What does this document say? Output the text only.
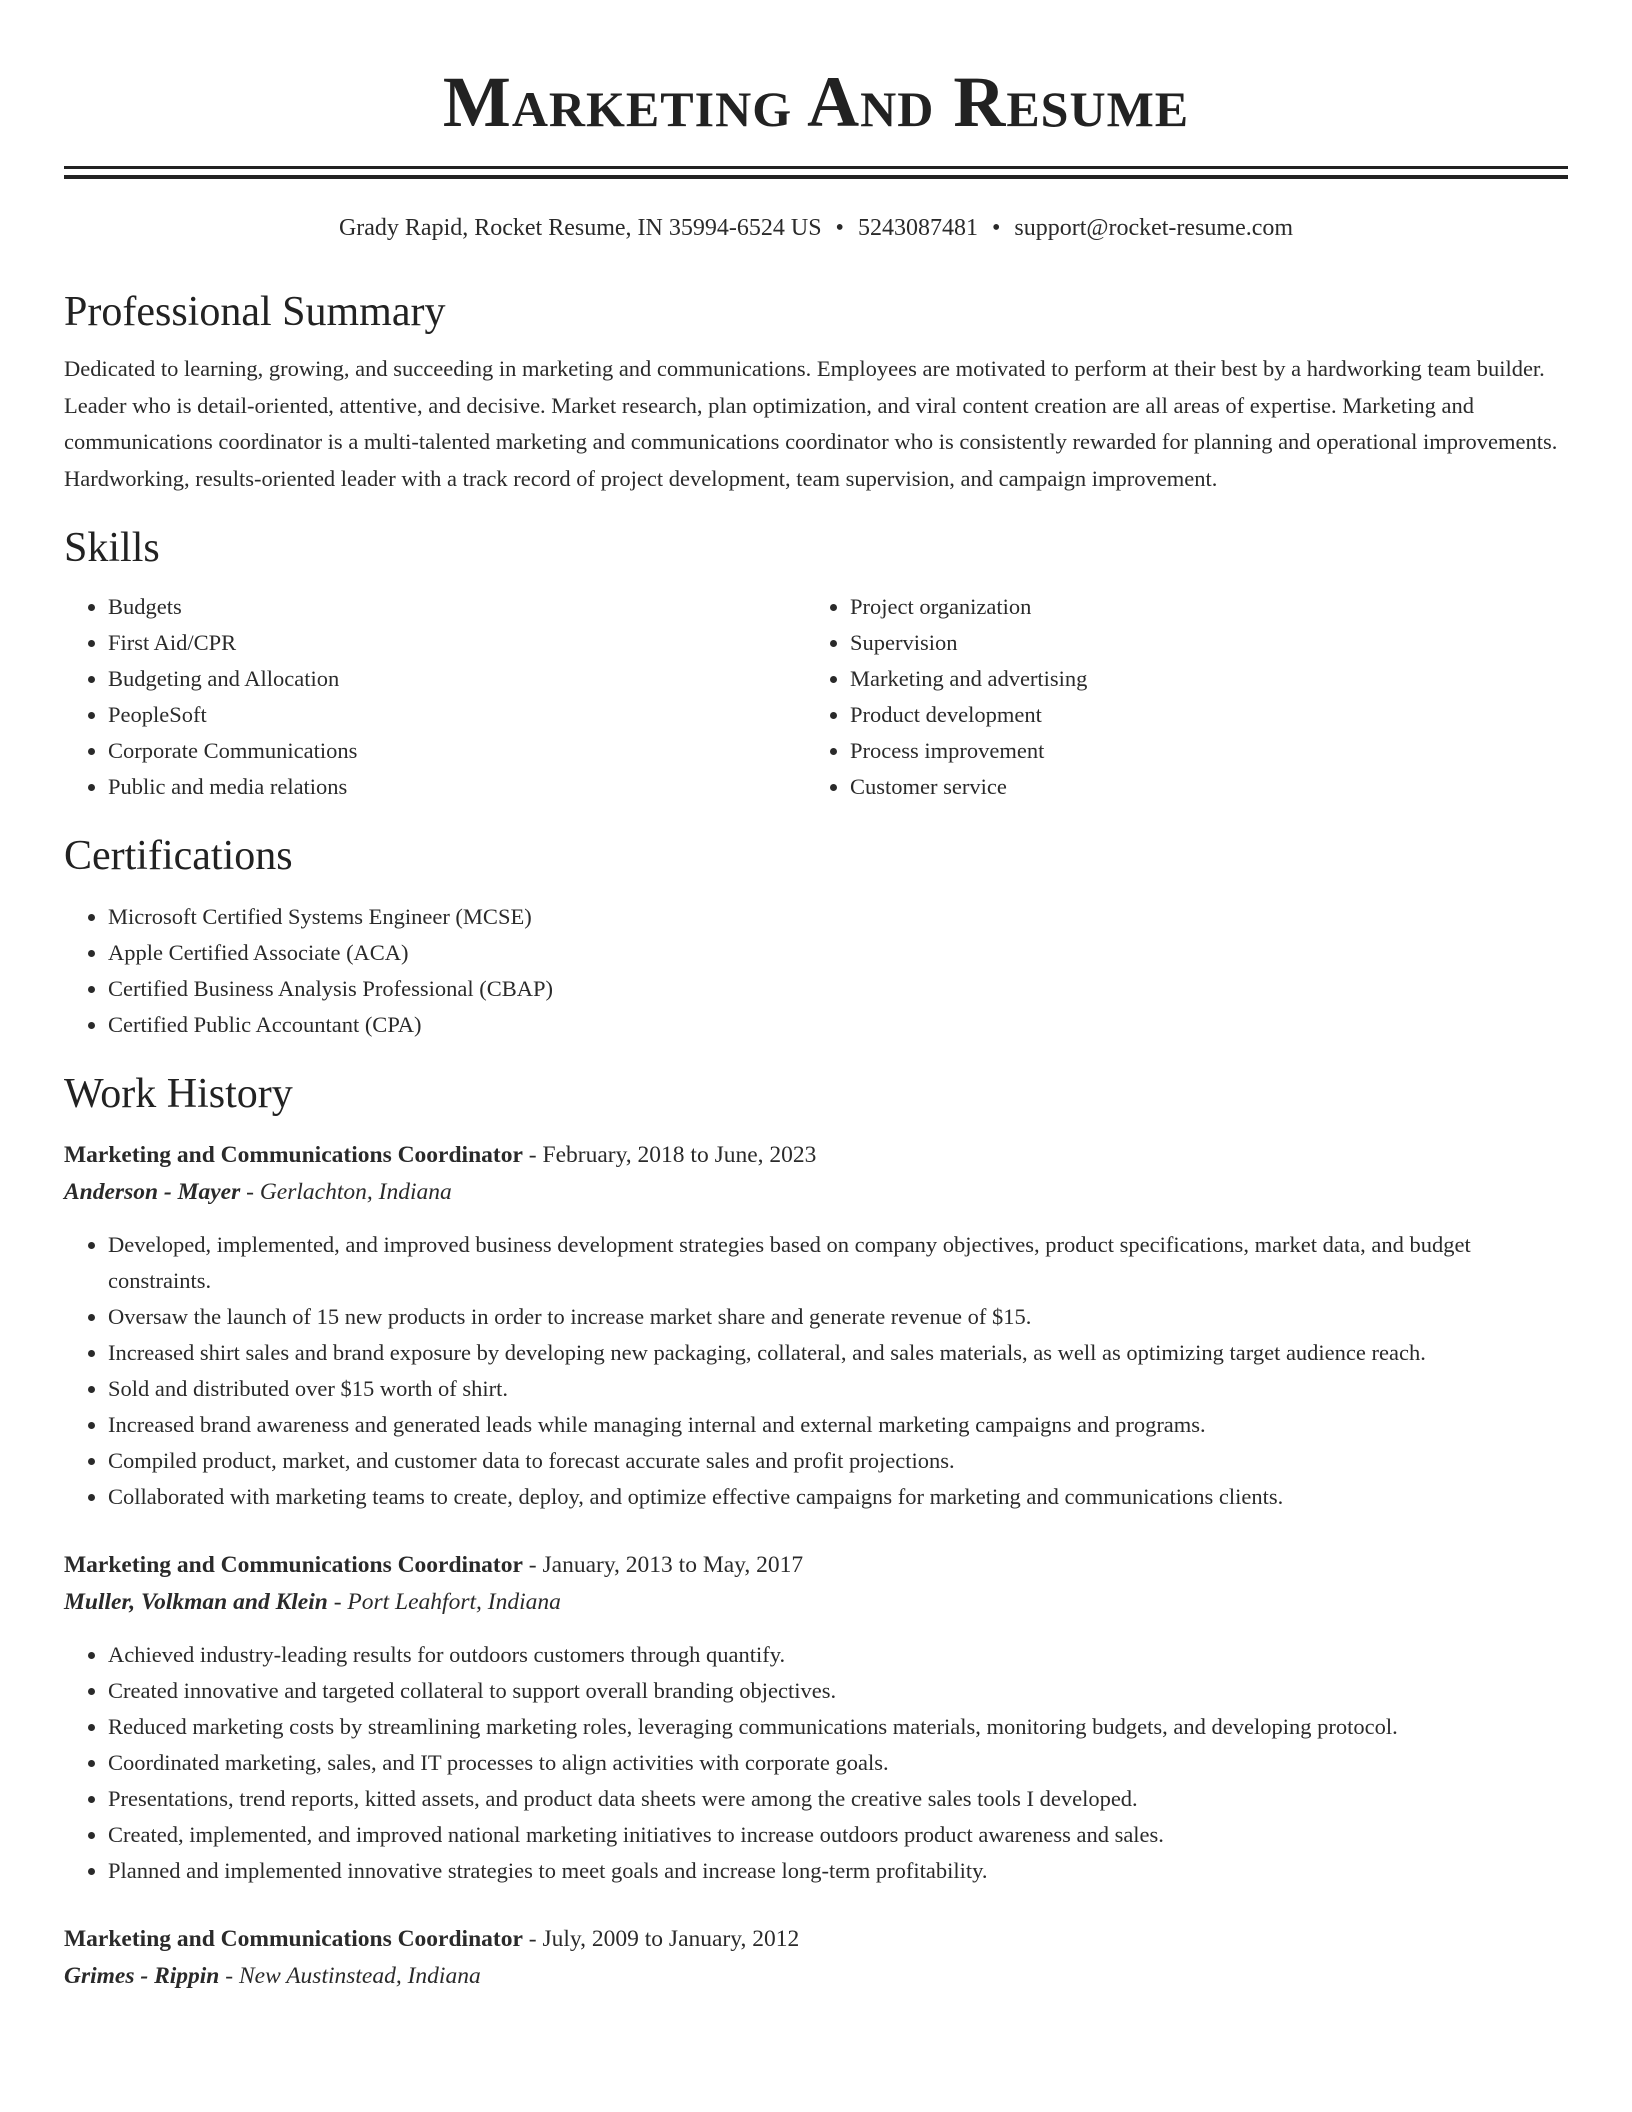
Marketing And Resume
Grady Rapid, Rocket Resume, IN 35994-6524 US • 5243087481 • support@rocket-resume.com
Professional Summary
Dedicated to learning, growing, and succeeding in marketing and communications. Employees are motivated to perform at their best by a hardworking team builder. Leader who is detail-oriented, attentive, and decisive. Market research, plan optimization, and viral content creation are all areas of expertise. Marketing and communications coordinator is a multi-talented marketing and communications coordinator who is consistently rewarded for planning and operational improvements. Hardworking, results-oriented leader with a track record of project development, team supervision, and campaign improvement.
Skills
• Budgets
• First Aid/CPR
• Budgeting and Allocation
• PeopleSoft
• Corporate Communications
• Public and media relations
• Project organization
• Supervision
• Marketing and advertising
• Product development
• Process improvement
• Customer service
Certifications
• Microsoft Certified Systems Engineer (MCSE)
• Apple Certified Associate (ACA)
• Certified Business Analysis Professional (CBAP)
• Certified Public Accountant (CPA)
Work History
Marketing and Communications Coordinator - February, 2018 to June, 2023
Anderson - Mayer - Gerlachton, Indiana
• Developed, implemented, and improved business development strategies based on company objectives, product specifications, market data, and budget constraints.
• Oversaw the launch of 15 new products in order to increase market share and generate revenue of $15.
• Increased shirt sales and brand exposure by developing new packaging, collateral, and sales materials, as well as optimizing target audience reach.
• Sold and distributed over $15 worth of shirt.
• Increased brand awareness and generated leads while managing internal and external marketing campaigns and programs.
• Compiled product, market, and customer data to forecast accurate sales and profit projections.
• Collaborated with marketing teams to create, deploy, and optimize effective campaigns for marketing and communications clients.
Marketing and Communications Coordinator - January, 2013 to May, 2017
Muller, Volkman and Klein - Port Leahfort, Indiana
• Achieved industry-leading results for outdoors customers through quantify.
• Created innovative and targeted collateral to support overall branding objectives.
• Reduced marketing costs by streamlining marketing roles, leveraging communications materials, monitoring budgets, and developing protocol.
• Coordinated marketing, sales, and IT processes to align activities with corporate goals.
• Presentations, trend reports, kitted assets, and product data sheets were among the creative sales tools I developed.
• Created, implemented, and improved national marketing initiatives to increase outdoors product awareness and sales.
• Planned and implemented innovative strategies to meet goals and increase long-term profitability.
Marketing and Communications Coordinator - July, 2009 to January, 2012
Grimes - Rippin - New Austinstead, Indiana
